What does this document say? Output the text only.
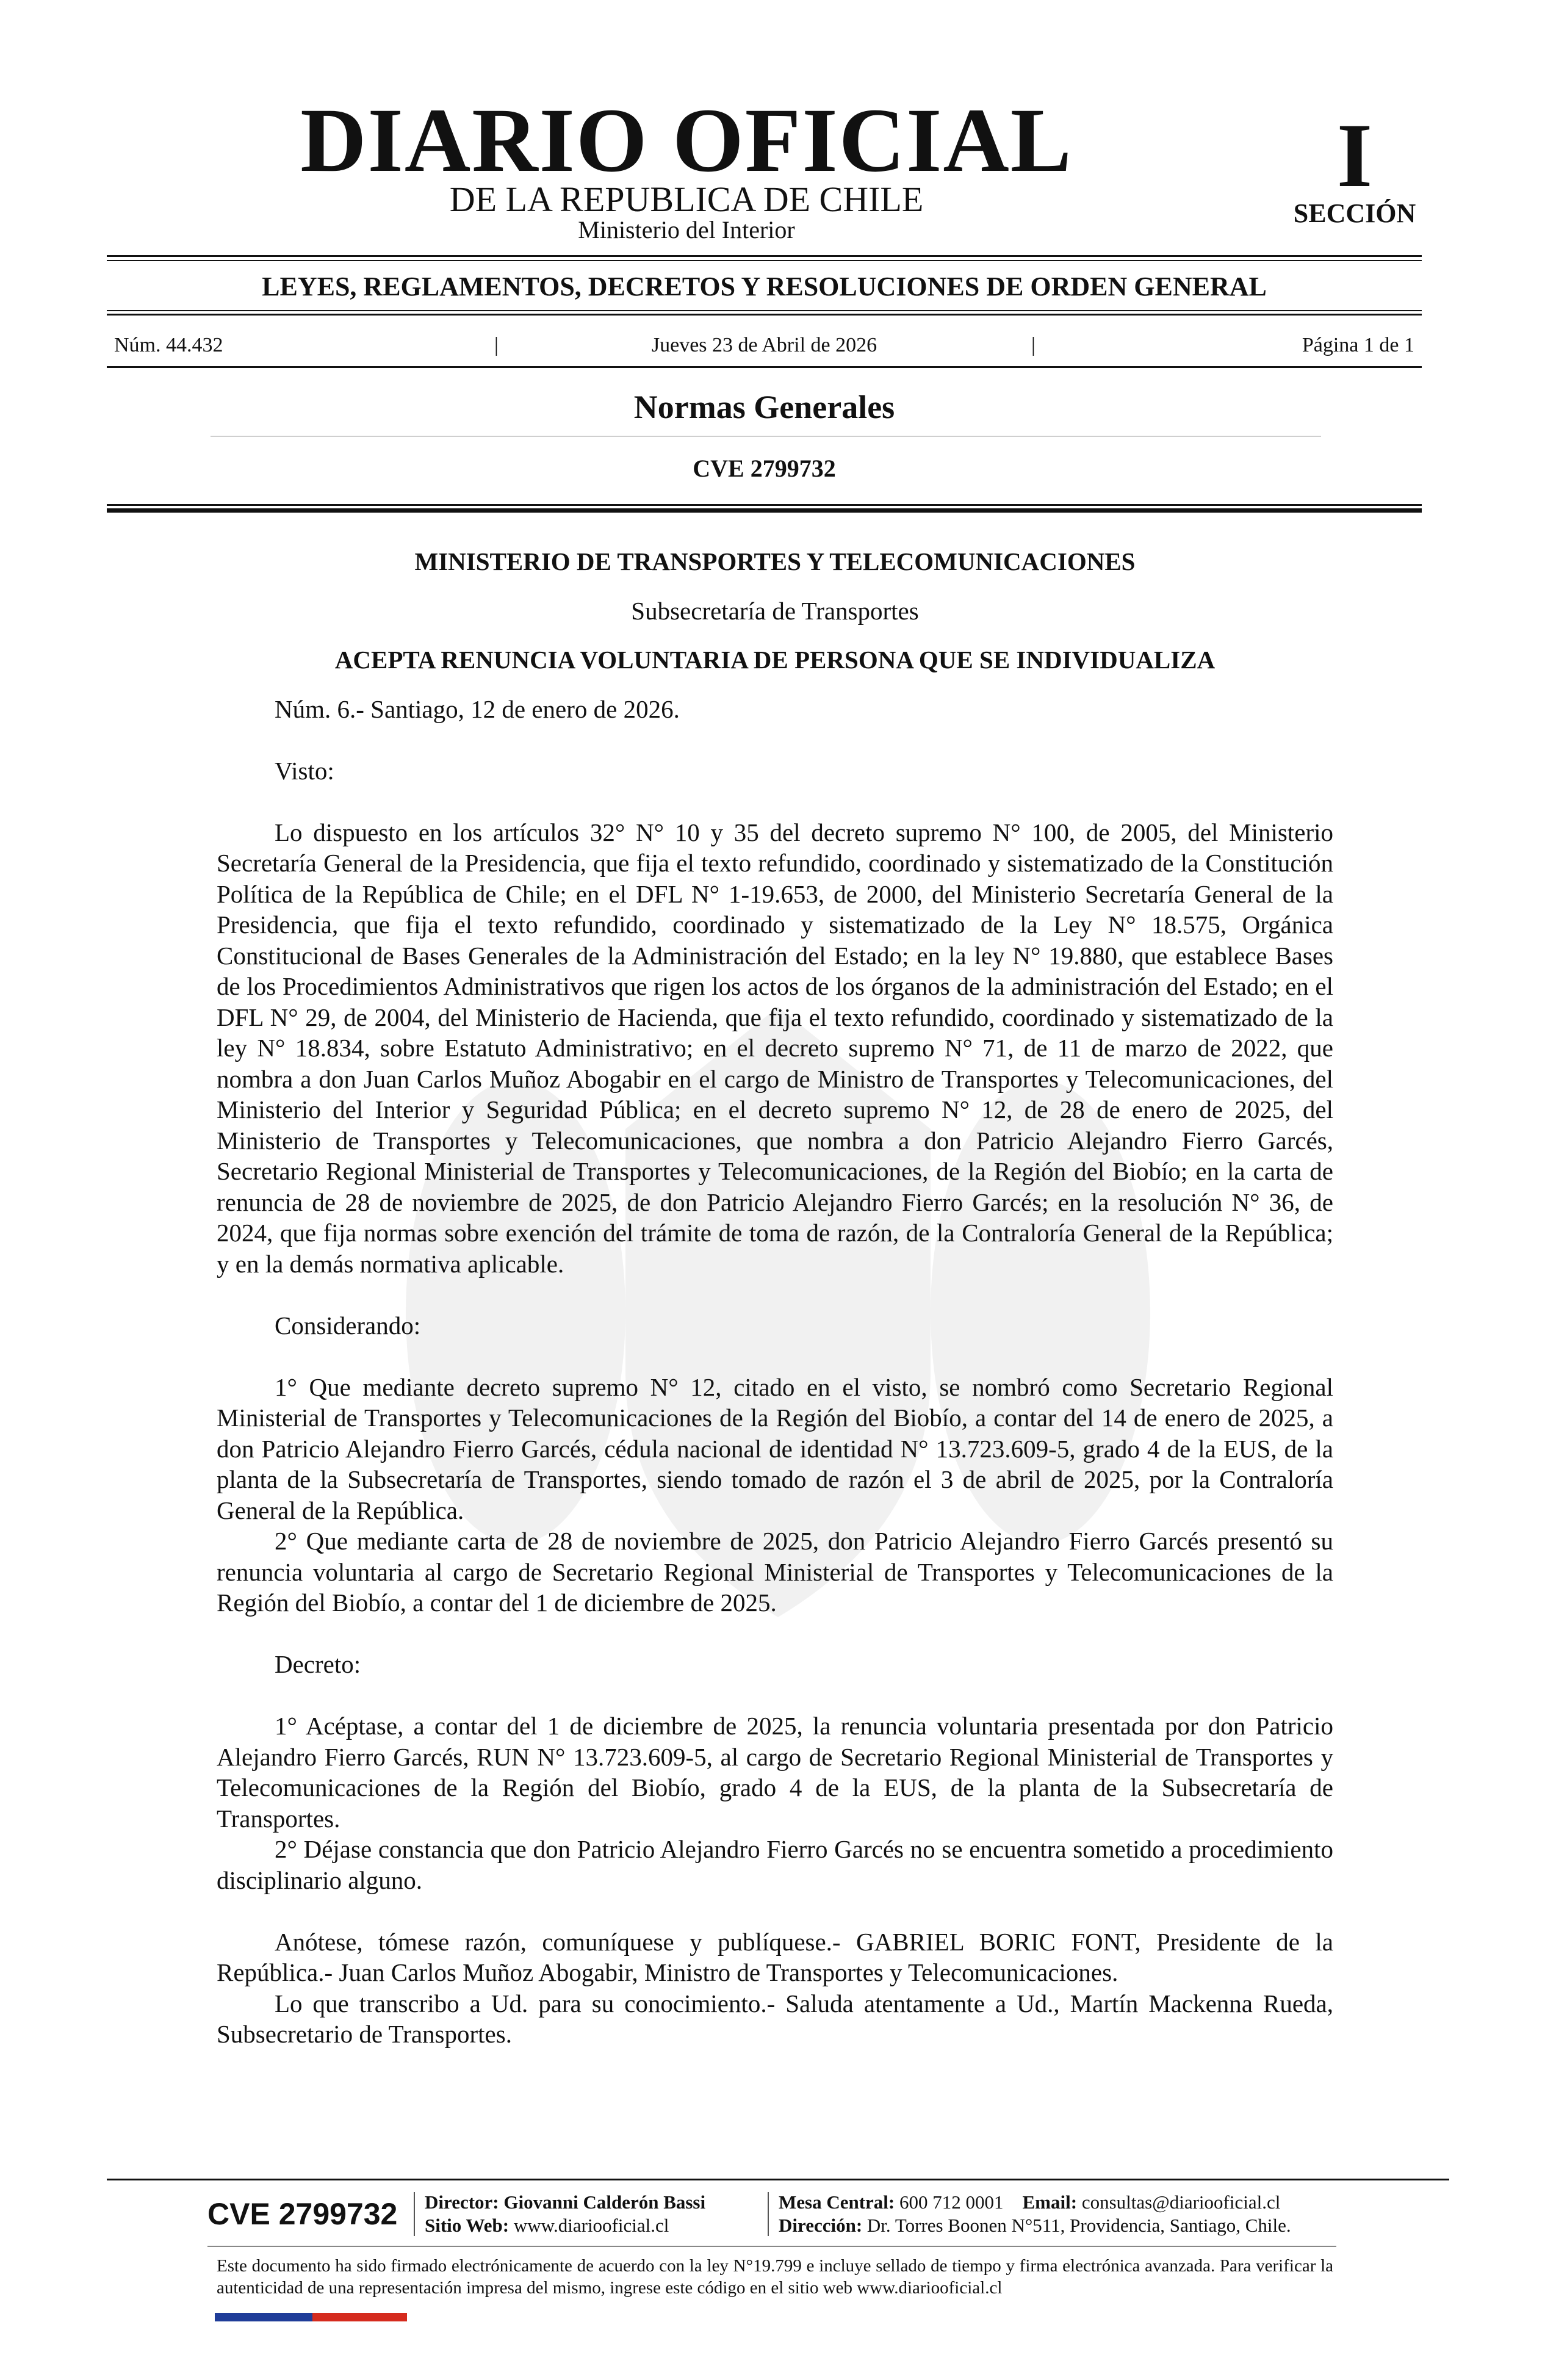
DIARIO OFICIAL
DE LA REPUBLICA DE CHILE
Ministerio del Interior
I
SECCIÓN
LEYES, REGLAMENTOS, DECRETOS Y RESOLUCIONES DE ORDEN GENERAL
Núm. 44.432	|	Jueves 23 de Abril de 2026	|	Página 1 de 1
Normas Generales
CVE 2799732

MINISTERIO DE TRANSPORTES Y TELECOMUNICACIONES

Subsecretaría de Transportes

ACEPTA RENUNCIA VOLUNTARIA DE PERSONA QUE SE INDIVIDUALIZA

Núm. 6.- Santiago, 12 de enero de 2026.

Visto:

Lo dispuesto en los artículos 32° N° 10 y 35 del decreto supremo N° 100, de 2005, del Ministerio Secretaría General de la Presidencia, que fija el texto refundido, coordinado y sistematizado de la Constitución Política de la República de Chile; en el DFL N° 1-19.653, de 2000, del Ministerio Secretaría General de la Presidencia, que fija el texto refundido, coordinado y sistematizado de la Ley N° 18.575, Orgánica Constitucional de Bases Generales de la Administración del Estado; en la ley N° 19.880, que establece Bases de los Procedimientos Administrativos que rigen los actos de los órganos de la administración del Estado; en el DFL N° 29, de 2004, del Ministerio de Hacienda, que fija el texto refundido, coordinado y sistematizado de la ley N° 18.834, sobre Estatuto Administrativo; en el decreto supremo N° 71, de 11 de marzo de 2022, que nombra a don Juan Carlos Muñoz Abogabir en el cargo de Ministro de Transportes y Telecomunicaciones, del Ministerio del Interior y Seguridad Pública; en el decreto supremo N° 12, de 28 de enero de 2025, del Ministerio de Transportes y Telecomunicaciones, que nombra a don Patricio Alejandro Fierro Garcés, Secretario Regional Ministerial de Transportes y Telecomunicaciones, de la Región del Biobío; en la carta de renuncia de 28 de noviembre de 2025, de don Patricio Alejandro Fierro Garcés; en la resolución N° 36, de 2024, que fija normas sobre exención del trámite de toma de razón, de la Contraloría General de la República; y en la demás normativa aplicable.

Considerando:

1° Que mediante decreto supremo N° 12, citado en el visto, se nombró como Secretario Regional Ministerial de Transportes y Telecomunicaciones de la Región del Biobío, a contar del 14 de enero de 2025, a don Patricio Alejandro Fierro Garcés, cédula nacional de identidad N° 13.723.609-5, grado 4 de la EUS, de la planta de la Subsecretaría de Transportes, siendo tomado de razón el 3 de abril de 2025, por la Contraloría General de la República.

2° Que mediante carta de 28 de noviembre de 2025, don Patricio Alejandro Fierro Garcés presentó su renuncia voluntaria al cargo de Secretario Regional Ministerial de Transportes y Telecomunicaciones de la Región del Biobío, a contar del 1 de diciembre de 2025.

Decreto:

1° Acéptase, a contar del 1 de diciembre de 2025, la renuncia voluntaria presentada por don Patricio Alejandro Fierro Garcés, RUN N° 13.723.609-5, al cargo de Secretario Regional Ministerial de Transportes y Telecomunicaciones de la Región del Biobío, grado 4 de la EUS, de la planta de la Subsecretaría de Transportes.

2° Déjase constancia que don Patricio Alejandro Fierro Garcés no se encuentra sometido a procedimiento disciplinario alguno.

Anótese, tómese razón, comuníquese y publíquese.- GABRIEL BORIC FONT, Presidente de la República.- Juan Carlos Muñoz Abogabir, Ministro de Transportes y Telecomunicaciones.

Lo que transcribo a Ud. para su conocimiento.- Saluda atentamente a Ud., Martín Mackenna Rueda, Subsecretario de Transportes.

CVE 2799732	Director: Giovanni Calderón Bassi
Sitio Web: www.diariooficial.cl
Mesa Central: 600 712 0001 Email: consultas@diariooficial.cl
Dirección: Dr. Torres Boonen N°511, Providencia, Santiago, Chile.
Este documento ha sido firmado electrónicamente de acuerdo con la ley N°19.799 e incluye sellado de tiempo y firma electrónica avanzada. Para verificar la autenticidad de una representación impresa del mismo, ingrese este código en el sitio web www.diariooficial.cl
